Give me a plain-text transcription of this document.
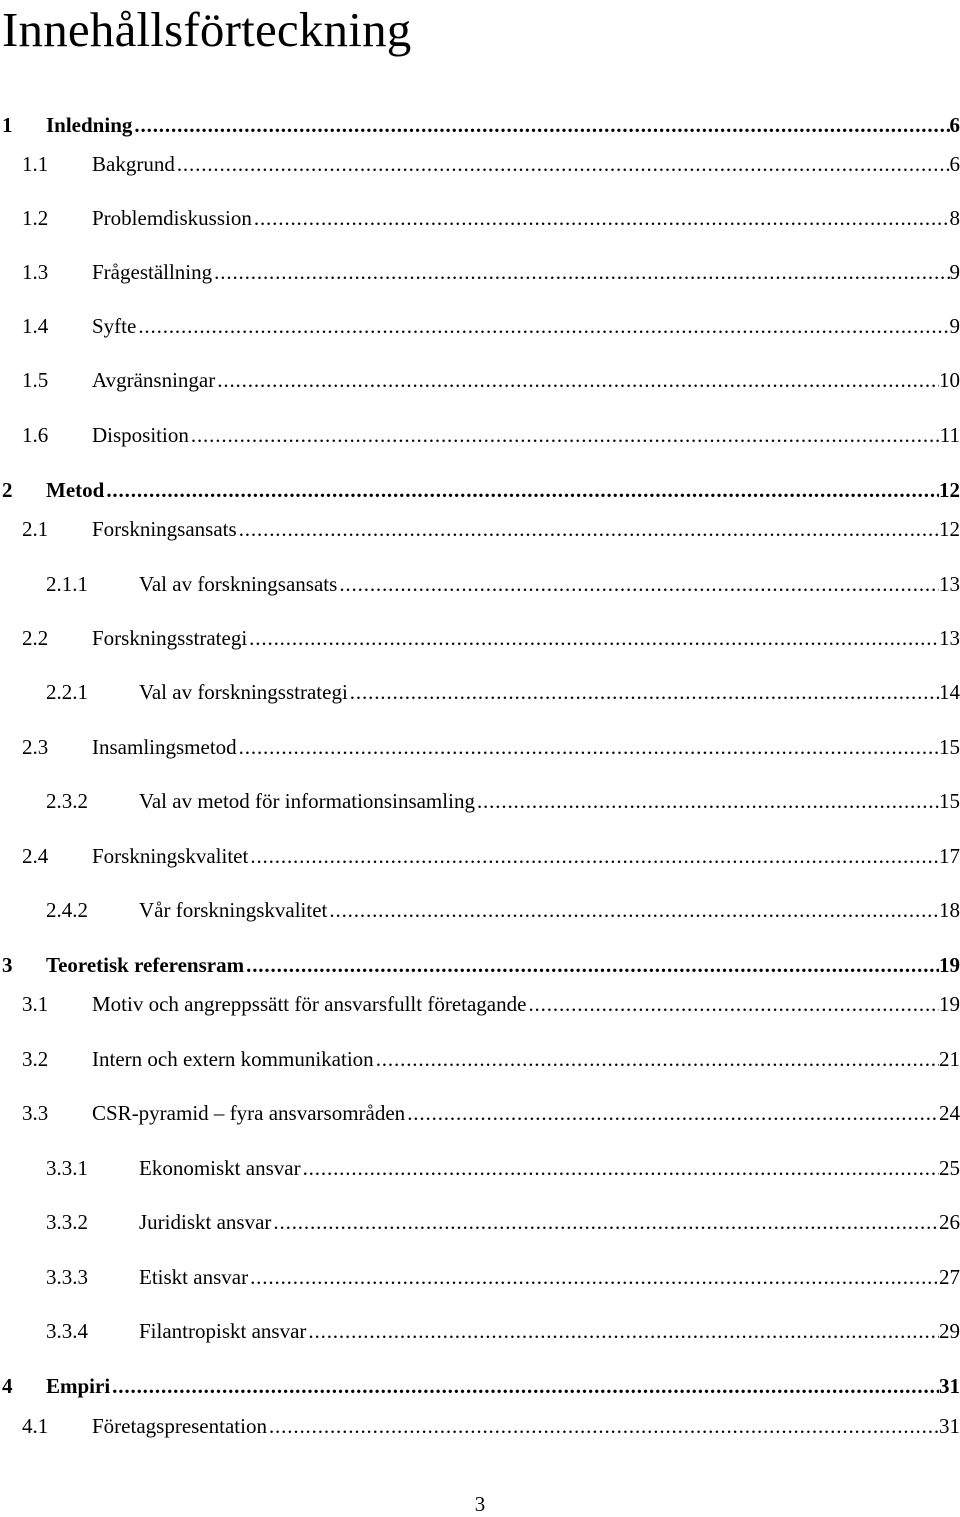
Innehållsförteckning
1 Inledning . . .	6
1.1 Bakgrund . . .	6
1.2 Problemdiskussion . . .	8
1.3 Frågeställning . . .	9
1.4 Syfte . . .	9
1.5 Avgränsningar . . .	10
1.6 Disposition . . .	11
2 Metod . . .	12
2.1 Forskningsansats . . .	12
2.1.1 Val av forskningsansats . . .	13
2.2 Forskningsstrategi . . .	13
2.2.1 Val av forskningsstrategi . . .	14
2.3 Insamlingsmetod . . .	15
2.3.2 Val av metod för informationsinsamling . . .	15
2.4 Forskningskvalitet . . .	17
2.4.2 Vår forskningskvalitet . . .	18
3 Teoretisk referensram . . .	19
3.1 Motiv och angreppssätt för ansvarsfullt företagande . . .	19
3.2 Intern och extern kommunikation . . .	21
3.3 CSR-pyramid – fyra ansvarsområden . . .	24
3.3.1 Ekonomiskt ansvar . . .	25
3.3.2 Juridiskt ansvar . . .	26
3.3.3 Etiskt ansvar . . .	27
3.3.4 Filantropiskt ansvar . . .	29
4 Empiri . . .	31
4.1 Företagspresentation . . .	31
3
